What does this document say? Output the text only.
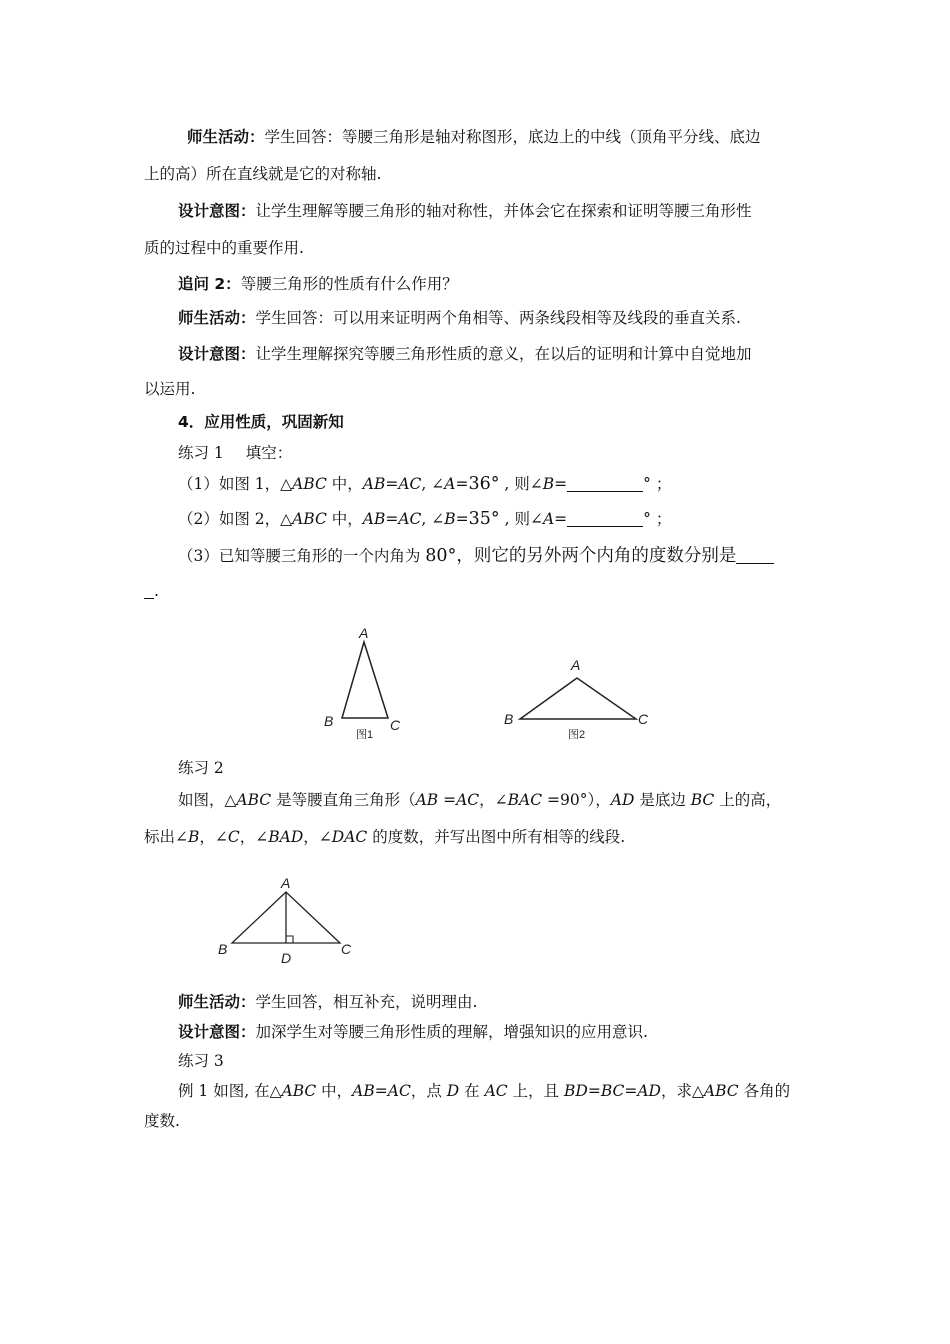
师生活动：学生回答：等腰三角形是轴对称图形，底边上的中线（顶角平分线、底边
上的高）所在直线就是它的对称轴.
设计意图：让学生理解等腰三角形的轴对称性，并体会它在探索和证明等腰三角形性
质的过程中的重要作用.
追问 2：等腰三角形的性质有什么作用？
师生活动：学生回答：可以用来证明两个角相等、两条线段相等及线段的垂直关系.
设计意图：让学生理解探究等腰三角形性质的意义，在以后的证明和计算中自觉地加
以运用.
4．应用性质，巩固新知
练习 1 填空：
（1）如图 1，△ABC 中，AB=AC, ∠A=36° , 则∠B=	° ；
（2）如图 2，△ABC 中，AB=AC, ∠B=35° , 则∠A=	° ；
（3）已知等腰三角形的一个内角为 80°，则它的另外两个内角的度数分别是
.
A
B	C
图1
A
B	C
图2
练习 2
如图，△ABC 是等腰直角三角形（AB =AC，∠BAC =90°），AD 是底边 BC 上的高，
标出∠B，∠C，∠BAD，∠DAC 的度数，并写出图中所有相等的线段.
A
B	C
D
师生活动：学生回答，相互补充，说明理由.
设计意图：加深学生对等腰三角形性质的理解，增强知识的应用意识.
练习 3
例 1 如图, 在△ABC 中，AB=AC，点 D 在 AC 上，且 BD=BC=AD，求△ABC 各角的
度数.
